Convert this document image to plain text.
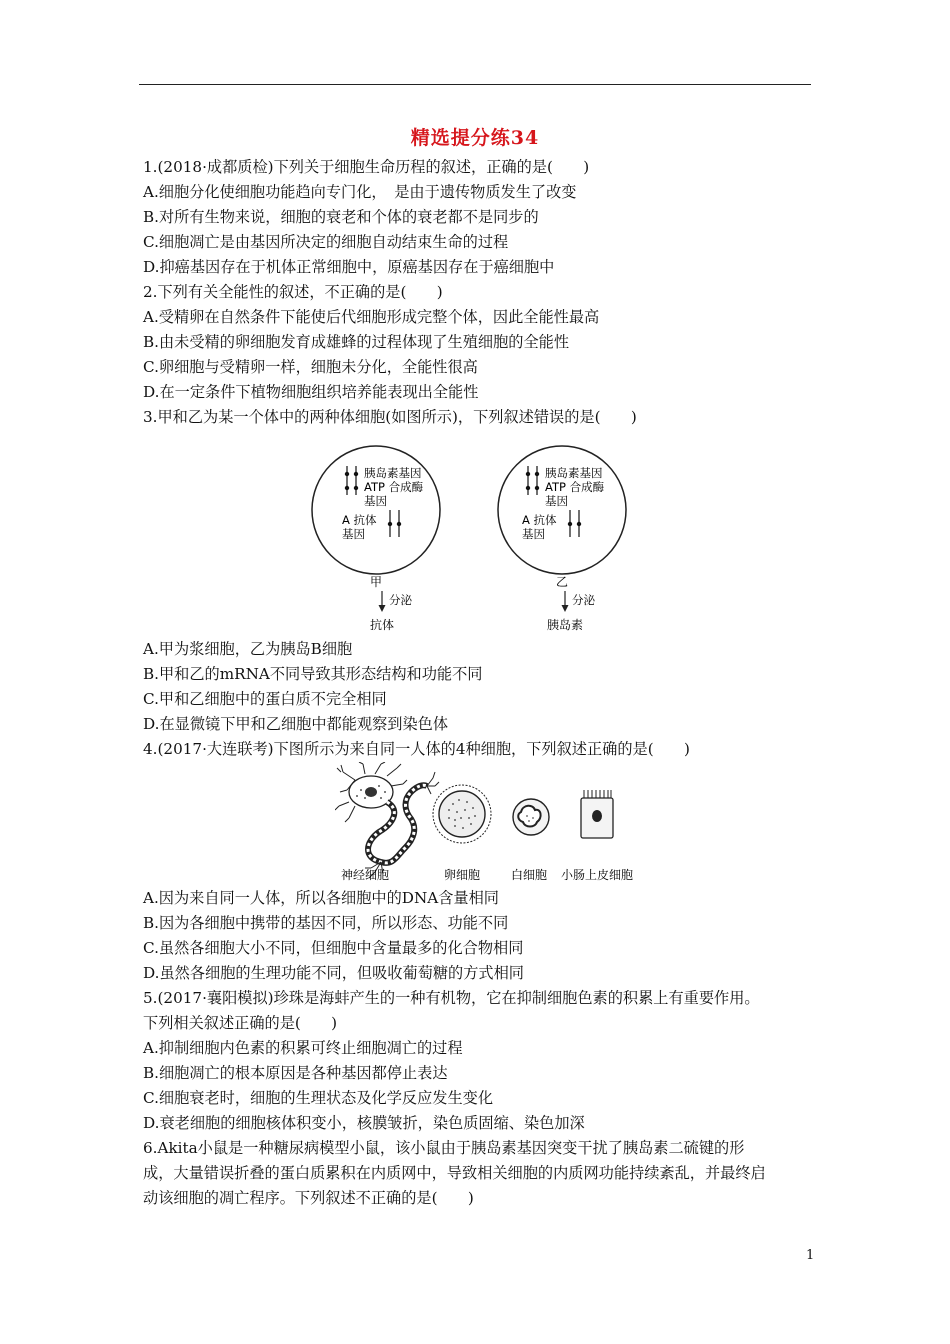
精选提分练34
1.(2018·成都质检)下列关于细胞生命历程的叙述，正确的是(　　)
A.细胞分化使细胞功能趋向专门化，　是由于遗传物质发生了改变
B.对所有生物来说，细胞的衰老和个体的衰老都不是同步的
C.细胞凋亡是由基因所决定的细胞自动结束生命的过程
D.抑癌基因存在于机体正常细胞中，原癌基因存在于癌细胞中
2.下列有关全能性的叙述，不正确的是(　　)
A.受精卵在自然条件下能使后代细胞形成完整个体，因此全能性最高
B.由未受精的卵细胞发育成雄蜂的过程体现了生殖细胞的全能性
C.卵细胞与受精卵一样，细胞未分化，全能性很高
D.在一定条件下植物细胞组织培养能表现出全能性
3.甲和乙为某一个体中的两种体细胞(如图所示)，下列叙述错误的是(　　)
胰岛素基因
ATP 合成酶
基因
A 抗体
基因
甲
分泌
抗体
胰岛素基因
ATP 合成酶
基因
A 抗体
基因
乙
分泌
胰岛素
A.甲为浆细胞，乙为胰岛B细胞
B.甲和乙的mRNA不同导致其形态结构和功能不同
C.甲和乙细胞中的蛋白质不完全相同
D.在显微镜下甲和乙细胞中都能观察到染色体
4.(2017·大连联考)下图所示为来自同一人体的4种细胞，下列叙述正确的是(　　)
神经细胞	卵细胞	白细胞 小肠上皮细胞
A.因为来自同一人体，所以各细胞中的DNA含量相同
B.因为各细胞中携带的基因不同，所以形态、功能不同
C.虽然各细胞大小不同，但细胞中含量最多的化合物相同
D.虽然各细胞的生理功能不同，但吸收葡萄糖的方式相同
5.(2017·襄阳模拟)珍珠是海蚌产生的一种有机物，它在抑制细胞色素的积累上有重要作用。
下列相关叙述正确的是(　　)
A.抑制细胞内色素的积累可终止细胞凋亡的过程
B.细胞凋亡的根本原因是各种基因都停止表达
C.细胞衰老时，细胞的生理状态及化学反应发生变化
D.衰老细胞的细胞核体积变小，核膜皱折，染色质固缩、染色加深
6.Akita小鼠是一种糖尿病模型小鼠，该小鼠由于胰岛素基因突变干扰了胰岛素二硫键的形
成，大量错误折叠的蛋白质累积在内质网中，导致相关细胞的内质网功能持续紊乱，并最终启
动该细胞的凋亡程序。下列叙述不正确的是(　　)
1
